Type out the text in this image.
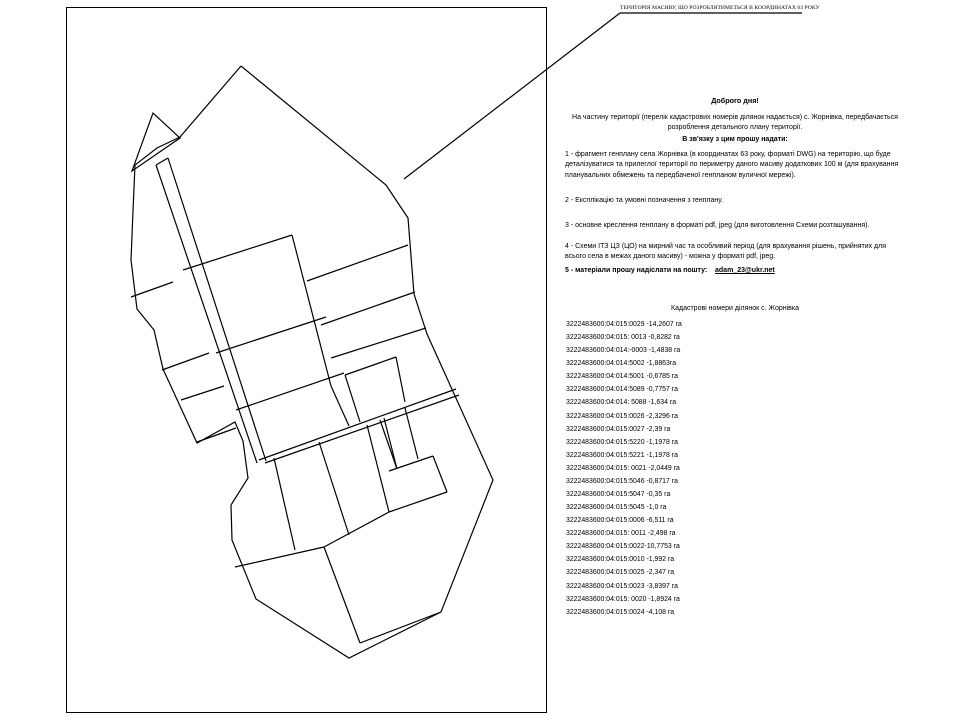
ТЕРИТОРІЯ МАСИВУ, ЩО РОЗРОБЛЯТИМЕТЬСЯ В КООРДИНАТАХ 63 РОКУ
Доброго дня!
На частину території (перелік кадастрових номерів ділянок надається) с. Жорнівка, передбачається розроблення детального плану території.
В зв'язку з цим прошу надати:
1 - фрагмент генплану села Жорнівка (в координатах 63 року, форматі DWG) на територію, що буде деталізуватися та прилеглої території по периметру даного масиву додаткових 100 м (для врахування планувальних обмежень та передбаченої генпланом вуличної мережі).
2 - Експлікацію та умовні позначення з генплану.
3 - основне креслення генплану в форматі pdf, jpeg (для виготовлення Схеми розташування).
4 - Схеми ІТЗ ЦЗ (ЦО) на мирний час та особливий період (для врахування рішень, прийнятих для всього села в межах даного масиву) - можна у форматі pdf, jpeg.
5 - матеріали прошу надіслати на пошту: adam_23@ukr.net
Кадастрові номери ділянок с. Жорнівка
3222483600:04:015:0029 -14,2607 га
3222483600:04:015: 0013 -0,8282 га
3222483600:04:014:-0003 -1,4838 га
3222483600:04:014:5002 -1,8863га
3222483600:04:014:5001 -0,6785 га
3222483600:04:014:5089 -0,7757 га
3222483600:04:014: 5088 -1,634 га
3222483600:04:015:0026 -2,3296 га
3222483600:04:015:0027 -2,39 га
3222483600:04:015:5220 -1,1978 га
3222483600:04:015:5221 -1,1978 га
3222483600:04:015: 0021 -2,0449 га
3222483600:04:015:5046 -0,8717 га
3222483600:04:015:5047 -0,35 га
3222483600:04:015:5045 -1,0 га
3222483600:04:015:0006 -6,511 га
3222483600:04:015: 0011 -2,498 га
3222483600:04:015:0022-10,7753 га
3222483600:04:015:0010 -1,992 га
3222483600:04:015:0025 -2,347 га
3222483600:04:015:0023 -3,8397 га
3222483600:04:015: 0020 -1,8924 га
3222483600:04:015:0024 -4,108 га
